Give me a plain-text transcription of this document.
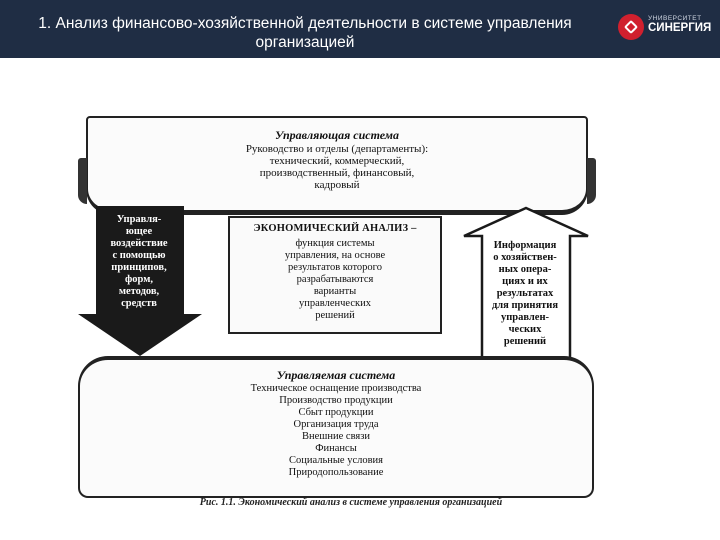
1. Анализ финансово-хозяйственной деятельности в системе управления организацией
УНИВЕРСИТЕТ
СИНЕРГИЯ
Управляющая система
Руководство и отделы (департаменты):
технический, коммерческий,
производственный, финансовый,
кадровый
Управля-
ющее
воздействие
с помощью
принципов,
форм,
методов,
средств
ЭКОНОМИЧЕСКИЙ АНАЛИЗ –
функция системы
управления, на основе
результатов которого
разрабатываются
варианты
управленческих
решений
Информация
о хозяйствен-
ных опера-
циях и их
результатах
для принятия
управлен-
ческих
решений
Управляемая система
Техническое оснащение производства
Производство продукции
Сбыт продукции
Организация труда
Внешние связи
Финансы
Социальные условия
Природопользование
Рис. 1.1. Экономический анализ в системе управления организацией
